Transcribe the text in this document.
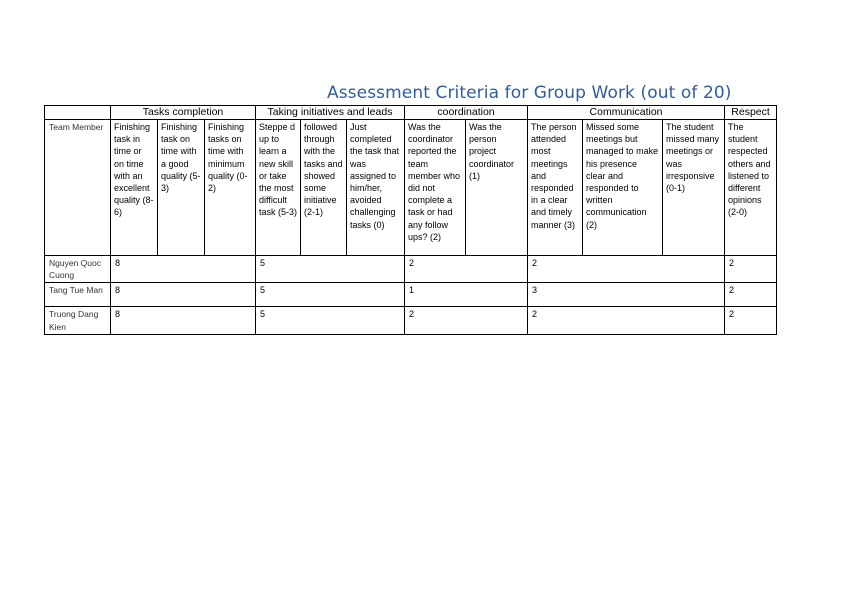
Assessment Criteria for Group Work (out of 20)
	Tasks completion			Taking initiatives and leads			coordination		Communication			Respect
Team Member	Finishing task in time or on time with an excellent quality (8-6)	Finishing task on time with a good quality (5-3)	Finishing tasks on time with minimum quality (0-2)	Steppe d up to learn a new skill or take the most difficult task (5-3)	followed through with the tasks and showed some initiative (2-1)	Just completed the task that was assigned to him/her, avoided challenging tasks (0)	Was the coordinator reported the team member who did not complete a task or had any follow ups? (2)	Was the person project coordinator (1)	The person attended most meetings and responded in a clear and timely manner (3)	Missed some meetings but managed to make his presence clear and responded to written communication (2)	The student missed many meetings or was irresponsive (0-1)	The student respected others and listened to different opinions (2-0)
Nguyen Quoc Cuong	8			5			2		2			2
Tang Tue Man	8			5			1		3			2
Truong Dang Kien	8			5			2		2			2
